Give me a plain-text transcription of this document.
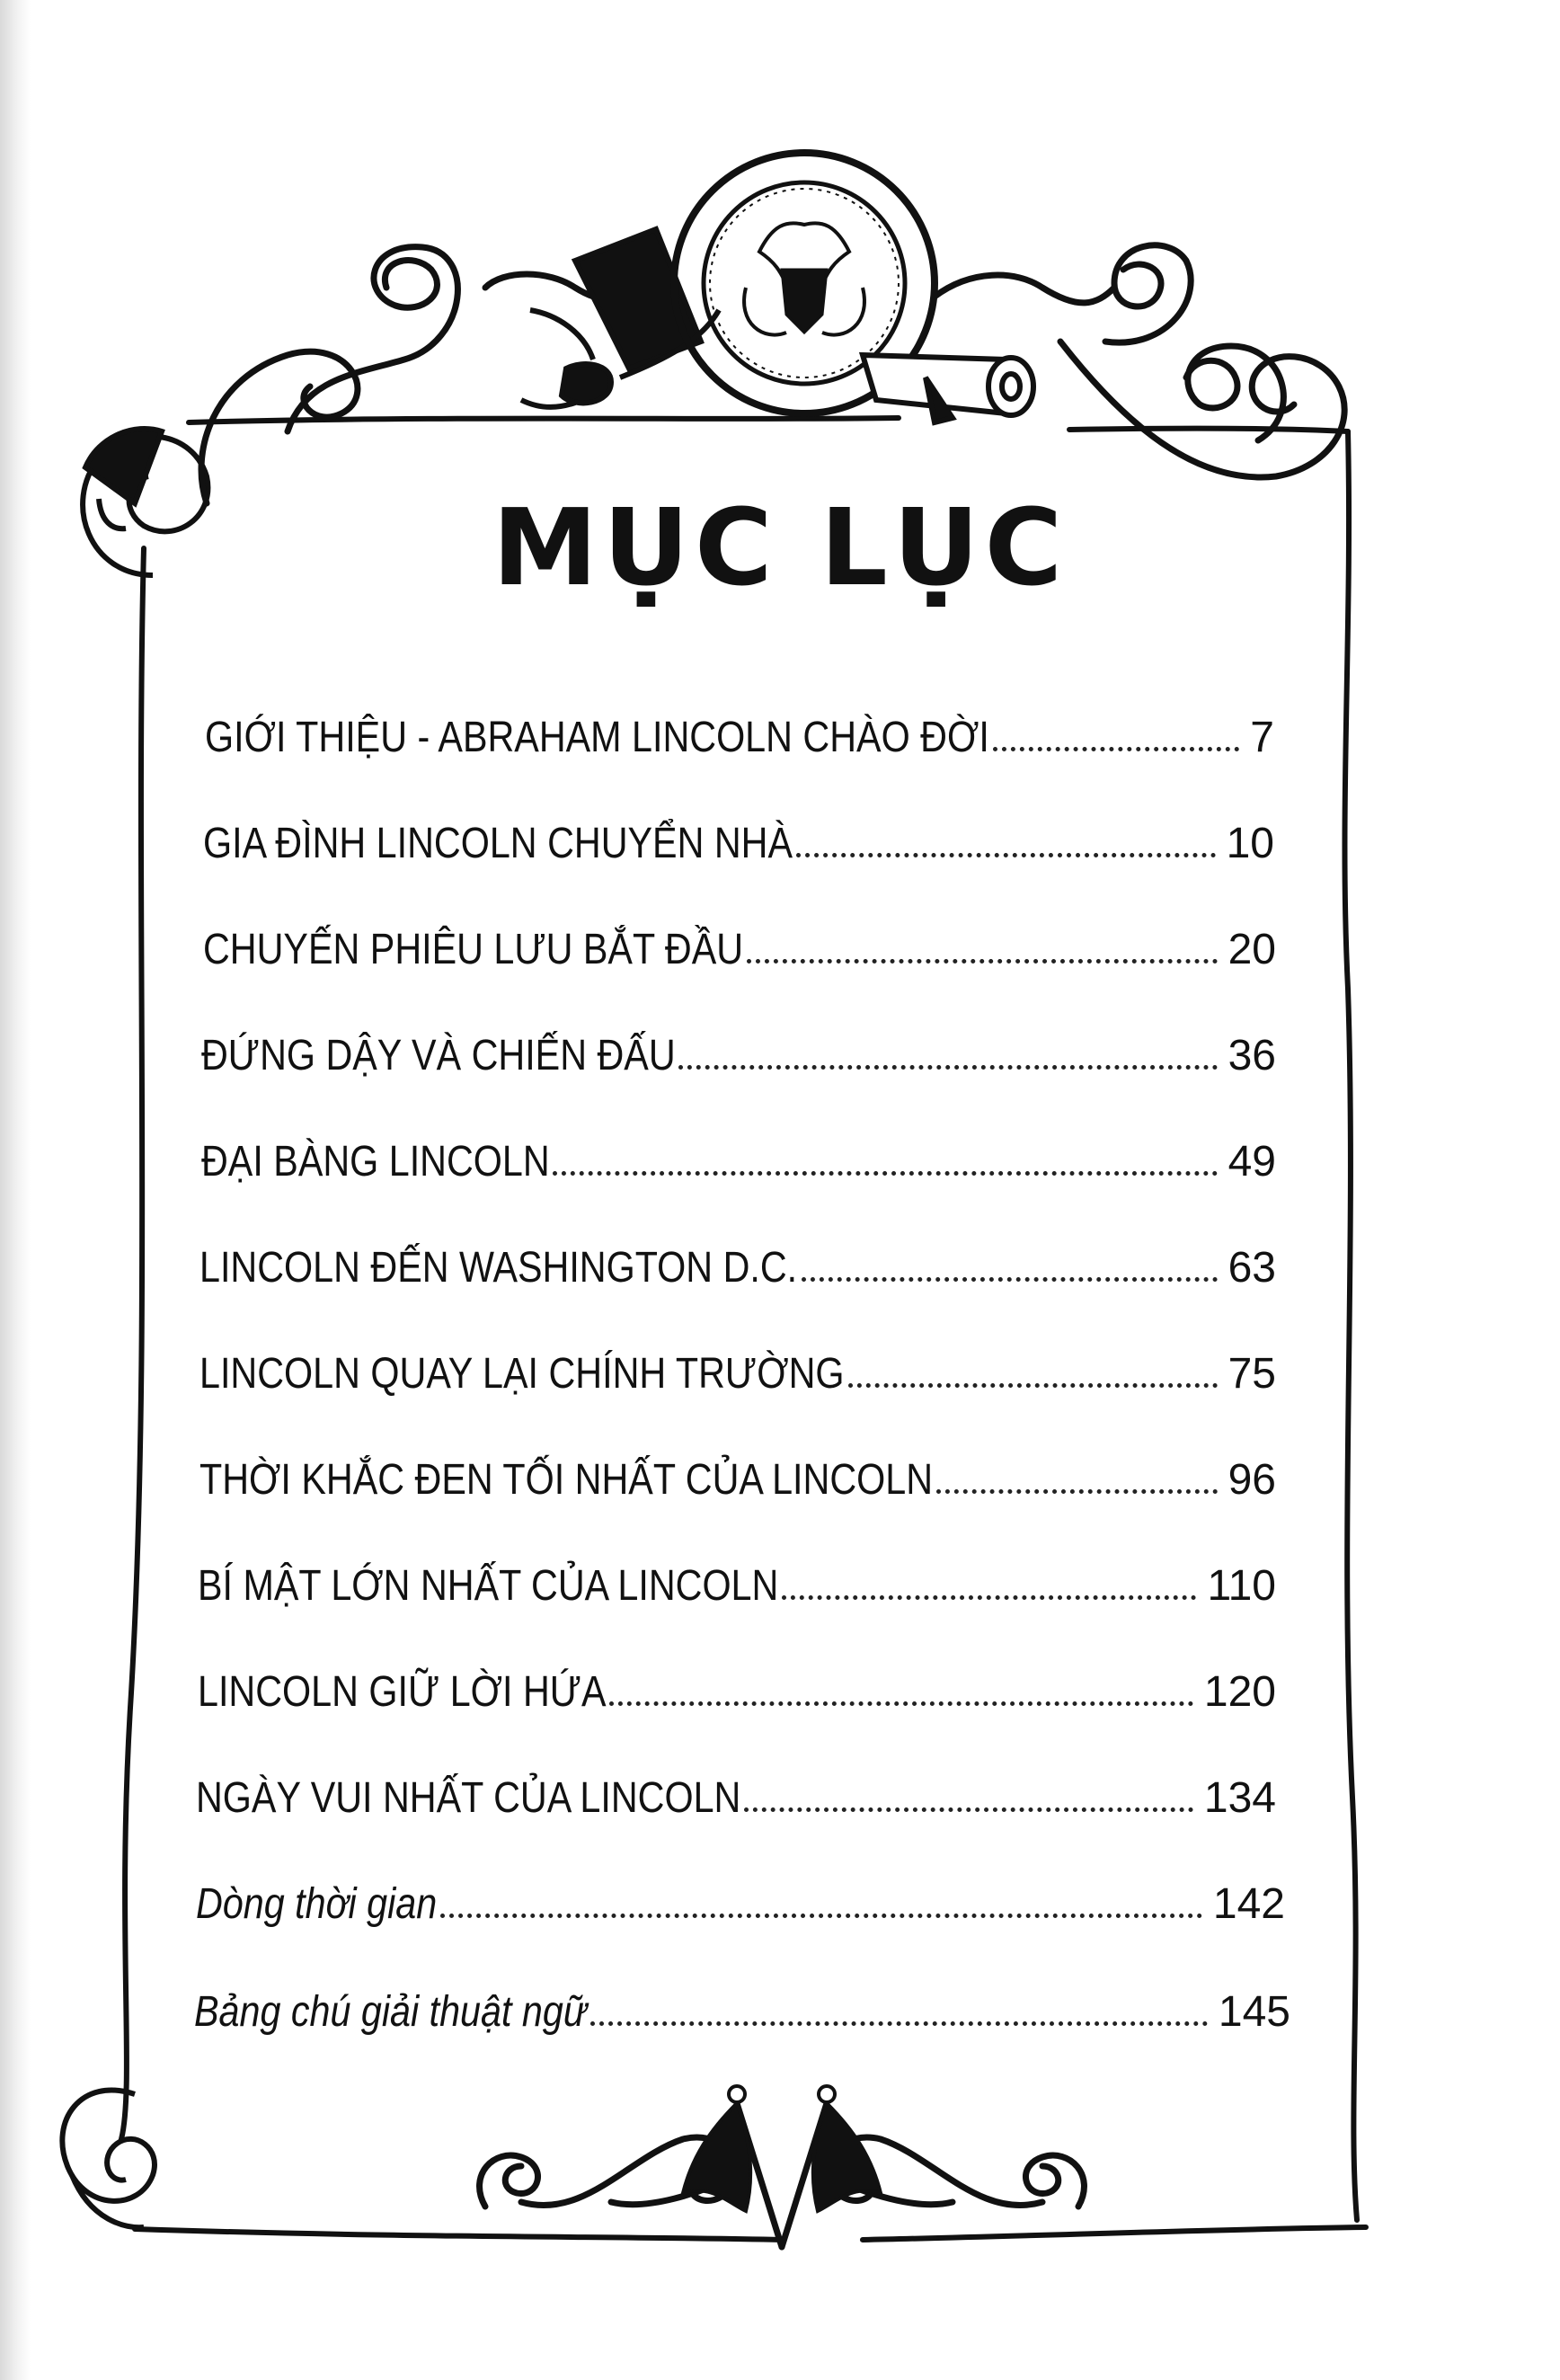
MỤC LỤC
GIỚI THIỆU - ABRAHAM LINCOLN CHÀO ĐỜI	7
GIA ĐÌNH LINCOLN CHUYỂN NHÀ	10
CHUYẾN PHIÊU LƯU BẮT ĐẦU	20
ĐỨNG DẬY VÀ CHIẾN ĐẤU	36
ĐẠI BÀNG LINCOLN	49
LINCOLN ĐẾN WASHINGTON D.C.	63
LINCOLN QUAY LẠI CHÍNH TRƯỜNG	75
THỜI KHẮC ĐEN TỐI NHẤT CỦA LINCOLN	96
BÍ MẬT LỚN NHẤT CỦA LINCOLN	110
LINCOLN GIỮ LỜI HỨA	120
NGÀY VUI NHẤT CỦA LINCOLN	134
Dòng thời gian	142
Bảng chú giải thuật ngữ	145
